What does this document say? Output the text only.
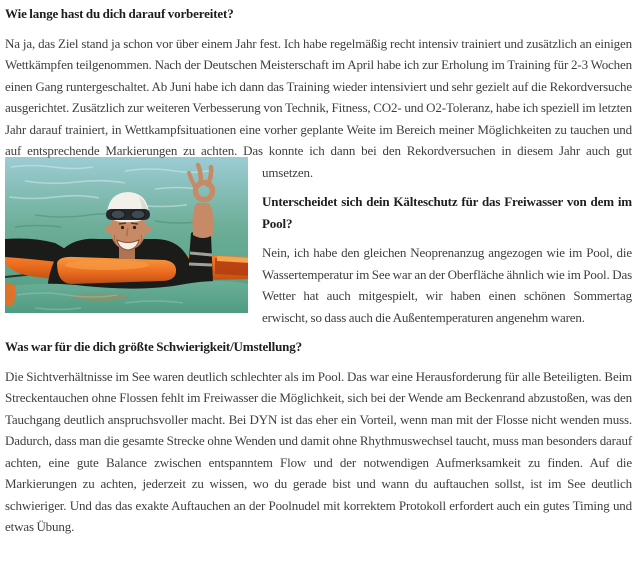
Wie lange hast du dich darauf vorbereitet?

Na ja, das Ziel stand ja schon vor über einem Jahr fest. Ich habe regelmäßig recht intensiv trainiert und zusätzlich an einigen Wettkämpfen teilgenommen. Nach der Deutschen Meisterschaft im April habe ich zur Erholung im Training für 2-3 Wochen einen Gang runtergeschaltet. Ab Juni habe ich dann das Training wieder intensiviert und sehr gezielt auf die Rekordversuche ausgerichtet. Zusätzlich zur weiteren Verbesserung von Technik, Fitness, CO2- und O2-Toleranz, habe ich speziell im letzten Jahr darauf trainiert, in Wettkampfsituationen eine vorher geplante Weite im Bereich meiner Möglichkeiten zu tauchen und auf entsprechende Markierungen zu achten. Das konnte ich dann bei den Rekordversuchen
in diesem Jahr auch gut umsetzen.

Unterscheidet sich dein Kälteschutz für das Freiwasser von dem im Pool?

Nein, ich habe den gleichen Neoprenanzug angezogen wie im Pool, die Wassertemperatur im See war an der Oberfläche ähnlich wie im Pool. Das Wetter hat auch mitgespielt, wir haben einen schönen Sommertag erwischt, so dass auch die Außentemperaturen angenehm waren.

Was war für die dich größte Schwierigkeit/Umstellung?

Die Sichtverhältnisse im See waren deutlich schlechter als im Pool. Das war eine Herausforderung für alle Beteiligten. Beim Streckentauchen ohne Flossen fehlt im Freiwasser die Möglichkeit, sich bei der Wende am Beckenrand abzustoßen, was den Tauchgang deutlich anspruchsvoller macht. Bei DYN ist das eher ein Vorteil, wenn man mit der Flosse nicht wenden muss. Dadurch, dass man die gesamte Strecke ohne Wenden und damit ohne Rhythmuswechsel taucht, muss man besonders darauf achten, eine gute Balance zwischen entspanntem Flow und der notwendigen Aufmerksamkeit zu finden. Auf die Markierungen zu achten, jederzeit zu wissen, wo du gerade bist und wann du auftauchen sollst, ist im See deutlich schwieriger. Und das das exakte Auftauchen an der Poolnudel mit korrektem Protokoll erfordert auch ein gutes Timing und etwas Übung.
